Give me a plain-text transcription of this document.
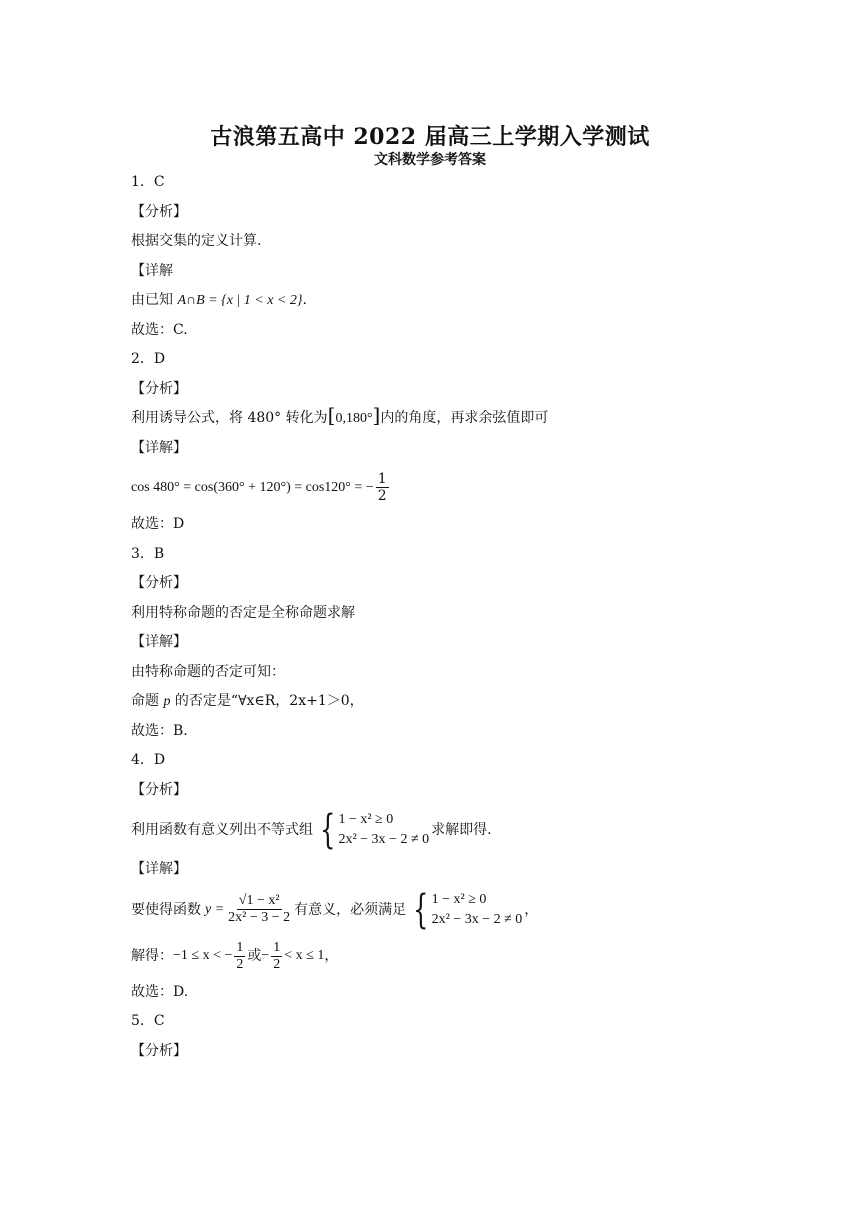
古浪第五高中 2022 届高三上学期入学测试
文科数学参考答案
1．C
【分析】
根据交集的定义计算.
【详解
由已知 A∩B = {x | 1 < x < 2}.
故选：C.
2．D
【分析】
利用诱导公式，将 480° 转化为[0,180°]内的角度，再求余弦值即可
【详解】
cos 480° = cos(360° + 120°) = cos120° = − $\frac{1}{2}$
故选：D
3．B
【分析】
利用特称命题的否定是全称命题求解
【详解】
由特称命题的否定可知：
命题 p 的否定是“∀x∈R，2x+1＞0，
故选：B.
4．D
【分析】
利用函数有意义列出不等式组 { 1 − x² ≥ 0
2x² − 3x − 2 ≠ 0
求解即得.
【详解】
要使得函数 $y = \frac{\text{√1 − x²}}{\text{2x² − 3 − 2}}$ 有意义，必须满足 { 1 − x² ≥ 0
2x² − 3x − 2 ≠ 0
，
解得： −1 ≤ x < − $\frac{1}{2}$ 或 − $\frac{1}{2} < x \le 1$ ，
故选：D.
5．C
【分析】
